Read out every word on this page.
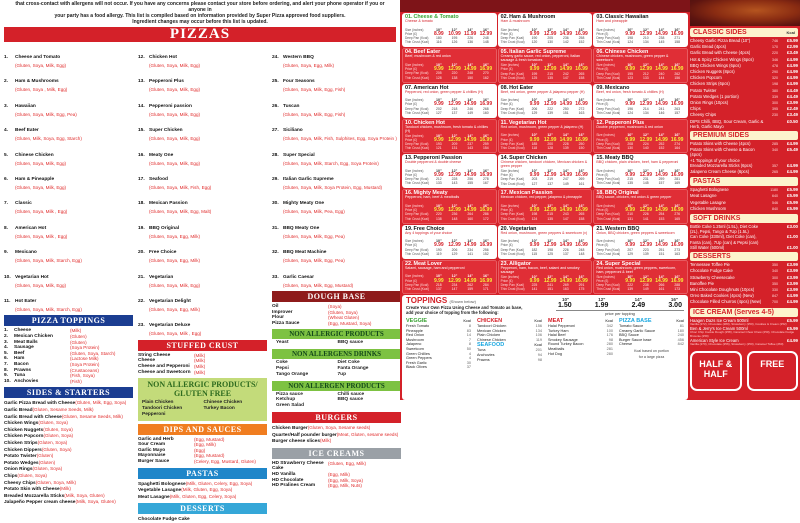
that cross-contact with allergens will not occur. If you have any concerns please contact your store before ordering, and alert your phone operator if you or anyone in
your party has a food allergy. This list is compiled based on information provided by Super Pizza approved food suppliers.
Ingredient changes may occur before this list is updated.
PIZZAS
1. Cheese and Tomato
(Gluten, Soya, Milk, Egg)
2. Ham & Mushrooms
(Gluten, Soya , Milk, Egg)
3. Hawaiian
(Gluten, Soya, Milk, Egg, Pea)
4. Beef Eater
(Gluten, Milk, Soya, Egg, Starch)
5. Chinese Chicken
(Gluten, Soya, Milk, Egg)
6. Ham & Pineapple
(Gluten, Soya, Milk, Egg)
7. Classic
(Gluten, Soya, Milk , Egg)
8. American Hot
(Gluten, Soya, Milk , Egg)
9. Mexicano
(Gluten, Soya, Milk, Starch, Egg)
10. Vegetarian Hot
(Gluten, Soya, Milk, Egg)
11. Hot Eater
(Gluten, Soya, Milk, Starch, Egg)
PIZZA TOPPINGS
1.	Cheese	(Milk)
2.	Mexican Chicken	(Gluten)
3.	Meat Balls	(Gluten)
4.	Sausage	(Soya Protein)
5.	Beef	(Gluten, Soya, Starch)
6.	Ham	(Lactose Milk)
7.	Bacon	(Soya Protein)
8.	Prawns	(Crustaceans)
9.	Tuna	(Fish, Soya)
10. Anchovies	(Fish)
SIDES & STARTERS
Garlic Pizza Bread with Cheese(Gluten, Milk, Egg, Soya)
Garlic Bread(Gluten, Sesame Seeds, Milk)
Garlic Bread with Cheese(Gluten, Sesame Seeds, Milk)
Chicken Wings(Gluten, Soya)
Chicken Nuggets(Gluten, Soya)
Chicken Popcorn(Gluten, Soya)
Chicken Strips(Gluten, Soya)
Chicken Dippers(Gluten, Soya)
Potato Twister(Gluten)
Potato Wedges(Gluten)
Onion Rings(Gluten, Soya)
Chips(Gluten, Soya)
Cheesy Chips(Gluten, Soya, Milk)
Potato Skin with Cheese(Milk)
Breaded Mozzarella Sticks(Milk, Soya, Gluten)
Jalapeño Pepper cream cheese(Milk, Soya, Gluten)
12. Chicken Hot
(Gluten, Soya, Milk, Egg)
13. Pepperoni Plus
(Gluten, Soya, Milk, Egg)
14. Pepperoni passion
(Gluten, Soya, Milk, Egg)
15. Super Chicken
(Gluten, Soya, Milk, Egg)
16. Meaty One
(Gluten, Soya, Milk, Egg)
17. Seafood
(Gluten, Soya, Milk, Fish, Egg)
18. Mexican Passion
(Gluten, Soya, Milk, Egg, Malt)
19. BBQ Original
(Gluten, Soya, Egg, Milk)
20. Free Choice
(Gluten, Soya, Egg, Milk)
21. Vegetarian
(Gluten, Soya, Milk, Egg)
22. Vegetarian Delight
(Gluten, Soya, Egg, Milk)
23. Vegetarian Deluxe
(Gluten, Soya, Milk , Egg)
STUFFED CRUST
String Cheese	(Milk)
Cheese	(Milk)
Cheese and Pepperoni (Milk)
Cheese and Sweetcorn (Milk)
NON ALLERGIC PRODUCTS/ GLUTEN FREE
Plain Chicken	Chinese Chicken
Tandoori Chicken	Turkey Bacon
Pepperoni
DIPS AND SAUCES
Garlic and Herb	(Egg, Mustard)
Sour Cream	(Egg, Milk)
Garlic Mayo	(Egg)
Mayonnaise	(Egg, Mustard)
Burger Sauce	(Celery, Egg, Mustard, Gluten)
PASTAS
Spaghetti Bolognese(Milk, Gluten, Celery, Egg, Soya)
Vegetable Lasagne(Milk, Gluten, Egg, Soya)
Meat Lasagne(Milk, Gluten, Egg, Celery, Soya)
DESSERTS
Chocolate Fudge Cake
24. Western BBQ
(Gluten, Soya, Egg, Milk)
25. Four Seasons
(Gluten, Soya, Milk, Egg, Fish)
26. Tuscan
(Gluten, Soya, Milk, Egg, Fish)
27. Siciliano
(Gluten, Soya, Milk, Fish, Sulphites, Egg, Soya Protein )
28. Super Special
(Gluten, Soya, Milk, Starch, Egg, Soya Protein)
29. Italian Garlic Supreme
(Gluten, Soya, Milk, Soya Protein, Egg, Mustard)
30. Mighty Meaty One
(Gluten, Soya, Milk, Pea, Egg)
31. BBQ Meaty One
(Gluten, Soya, Milk, Egg, Pea)
32. BBQ Meat Machine
(Gluten, Soya, Milk, Egg, Pea)
33. Garlic Caesar
(Gluten, Soya, Milk, Egg, Mustard)
DOUGH BASE
Oil	(Soya)
Improver	(Gluten, Soya)
Flour	(Wheat Gluten)
Pizza Sauce	(Egg, Mustard, Soya)
NON ALLERGIC PRODUCTS
Yeast	BBQ sauce
NON ALLERGENS DRINKS
Coke	Diet Coke
Pepsi	Fanta Orange
Tango Orange	7up
NON ALLERGEN PRODUCTS
Pizza sauce	Chilli sauce
Ketchup	BBQ sauce
Green Salad
BURGERS
Chicken Burger(Gluten, Soya, Sesame seeds)
Quarter/Half pounder burger(Meat, Gluten, sesame seeds)
Burger cheese slices(Milk)
ICE CREAMS
HD Strawberry Cheese Cake
(Gluten, Egg, Milk)
HD Vanilla	(Egg, Milk)
HD Chocolate	(Egg, Milk, Soya)
HD Pralines Cream	(Egg, Milk, Nuts)
01.Cheese & Tomato
Cheese & tomato
Size (inches)	10"	12"	14"	16"
Price (£)	8.99 10.99 11.99 12.99
Deep Pan (Kcal)	180	195	226	248
Thin Crust (Kcal)	116	126	136	148
02.Ham & Mushroom
Ham & mushroom
Size (inches)	10"	12"	14"	16"
Price (£)	9.99 12.99 14.99 16.99
Deep Pan (Kcal)	190	205	236	258
Thin Crust (Kcal)	120	130	142	152
03.Classic Hawaiian
Ham and pineapple
Size (inches)	10"	12"	14"	16"
Price (£)	9.99 12.99 14.99 16.99
Deep Pan (Kcal)	198	210	238	271
Thin Crust (Kcal)	124	134	145	158
04.Beef Eater
Beef, mushroom & red onion
Size (inches)	10"	12"	14"	16"
Price (£)	9.99 12.99 14.99 16.99
Deep Pan (Kcal)	205	220	248	270
Thin Crust (Kcal)	128	138	150	162
05.Italian Garlic Supreme
Creamy garlic sauce, red onion, pepperoni, Italian sausage & fresh tomatoes
Size (inches)	10"	12"	14"	16"
Price (£)	9.99 12.99 14.99 16.99
Deep Pan (Kcal)	199	215	242	265
Thin Crust (Kcal)	125	135	147	158
06.Chinese Chicken
Chinese chicken, mushroom, green pepper & sweetcorn
Size (inches)	10"	12"	14"	16"
Price (£)	9.99 12.99 14.99 16.99
Deep Pan (Kcal)	195	212	240	262
Thin Crust (Kcal)	123	133	144	156
07.American Hot
Pepperoni, red onion, green pepper & chillies (H)
Size (inches)	10"	12"	14"	16"
Price (£)	9.99 12.99 14.99 16.99
Deep Pan (Kcal)	202	218	246	268
Thin Crust (Kcal)	127	137	149	160
08.Hot Eater
Beef, red onion, green pepper & jalapeno pepper (H)
Size (inches)	10"	12"	14"	16"
Price (£)	9.99 12.99 14.99 16.99
Deep Pan (Kcal)	206	222	250	272
Thin Crust (Kcal)	129	139	151	163
09.Mexicano
Beef, red onion, fresh tomato & chillies (H)
Size (inches)	10"	12"	14"	16"
Price (£)	9.99 12.99 14.99 16.99
Deep Pan (Kcal)	196	214	241	263
Thin Crust (Kcal)	124	134	146	157
10.Chicken Hot
Tandoori chicken, mushroom, fresh tomato & chillies (H)
Size (inches)	10"	12"	14"	16"
Price (£)	9.99 12.99 14.99 16.99
Deep Pan (Kcal)	193	209	237	259
Thin Crust (Kcal)	121	131	143	154
11.Vegetarian Hot
Red onion, mushroom, green pepper & jalapeno (H)
Size (inches)	10"	12"	14"	16"
Price (£)	9.99 12.99 14.99 16.99
Deep Pan (Kcal)	185	200	228	250
Thin Crust (Kcal)	118	128	139	150
12.Pepperoni Plus
Double pepperoni, mushroom & red onion
Size (inches)	10"	12"	14"	16"
Price (£)	9.99 12.99 14.99 16.99
Deep Pan (Kcal)	208	224	252	274
Thin Crust (Kcal)	130	140	152	164
13.Pepperoni Passion
Double pepperoni & double cheese
Size (inches)	10"	12"	14"	16"
Price (£)	9.99 12.99 14.99 16.99
Deep Pan (Kcal)	212	228	256	278
Thin Crust (Kcal)	133	143	155	167
14.Super Chicken
Chinese chicken, tandoori chicken, Mexican chicken & green pepper
Size (inches)	10"	12"	14"	16"
Price (£)	9.99 12.99 14.99 16.99
Deep Pan (Kcal)	203	219	247	269
Thin Crust (Kcal)	127	137	149	161
15.Meaty BBQ
BBQ chicken, plain chicken, beef, ham & pepperoni
Size (inches)	10"	12"	14"	16"
Price (£)	9.99 12.99 14.99 16.99
Deep Pan (Kcal)	215	231	259	281
Thin Crust (Kcal)	135	145	157	169
16.Mighty Meaty
Pepperoni, ham, beef & meatballs
Size (inches)	10"	12"	14"	16"
Price (£)	9.99 12.99 14.99 16.99
Deep Pan (Kcal)	220	236	264	286
Thin Crust (Kcal)	138	148	160	172
17.Mexican Passion
Mexican chicken, red pepper, jalapeno & pineapple
Size (inches)	10"	12"	14"	16"
Price (£)	9.99 12.99 14.99 16.99
Deep Pan (Kcal)	198	215	243	265
Thin Crust (Kcal)	124	135	147	158
18.BBQ Original
BBQ sauce, chicken, red onion & green pepper
Size (inches)	10"	12"	14"	16"
Price (£)	9.99 12.99 14.99 16.99
Deep Pan (Kcal)	210	226	254	276
Thin Crust (Kcal)	131	141	153	165
19.Free Choice
Any 4 toppings of your choice
Size (inches)	10"	12"	14"	16"
Price (£)	9.99 12.99 14.99 16.99
Deep Pan (Kcal)	190	206	234	256
Thin Crust (Kcal)	119	129	141	152
20.Vegetarian
Red onion, mushroom, green peppers & sweetcorn (v)
Size (inches)	10"	12"	14"	16"
Price (£)	9.99 12.99 14.99 16.99
Deep Pan (Kcal)	182	198	226	248
Thin Crust (Kcal)	115	125	137	148
21.Western BBQ
Onion, BBQ chicken, green peppers & sweetcorn
Size (inches)	10"	12"	14"	16"
Price (£)	9.99 12.99 14.99 16.99
Deep Pan (Kcal)	207	223	251	273
Thin Crust (Kcal)	129	139	151	163
22.Meat Lover
Salami, sausage, ham and pepperoni
Size (inches)	10"	12"	14"	16"
Price (£)	9.99 12.99 14.99 16.99
Deep Pan (Kcal)	218	234	262	284
Thin Crust (Kcal)	137	147	159	171
23.Alligator
Pepperoni, ham, bacon, beef, salami and smokey sausage
Size (inches)	10"	12"	14"	16"
Price (£)	9.99 12.99 14.99 16.99
Deep Pan (Kcal)	225	241	269	291
Thin Crust (Kcal)	141	151	163	175
24.Super Special
Red onion, mushroom, green peppers, sweetcorn, ham, pepperoni & beef
Size (inches)	10"	12"	14"	16"
Price (£)	9.99 12.99 14.99 16.99
Deep Pan (Kcal)	222	238	266	288
Thin Crust (Kcal)	139	149	161	173
TOPPINGS (Shown below)
Create Your Own Pizza Using Cheese and Tomato as base,
add your choice of topping from the following:
10"	12"	14"	16"
1.50	1.99	2.49	3.00
price per topping
VEGGIE	Kcal
Fresh Tomato	8
Pineapple	83
Red Onion	14
Mushroom	7
Jalapeno	8
Sweetcorn	50
Green Chillies	4
Green Peppers	4
Fresh Garlic	30
Black Olives	37
CHICKEN	Kcal
Tandoori Chicken	156
Mexican Chicken	134
Plain Chicken	106
Chinese Chicken	119
SEAFOOD	Kcal
Tuna	201
Anchovies	94
Prawns	98
MEAT	Kcal
Halal Pepperoni	342
Turkey Ham	100
Halal Beef	176
Smokey Sausage	98
Round Turkey Bacon	280
Meatballs	281
Hot Dog	280
PIZZA BASE	Kcal
Tomato Sauce	81
Creamy Garlic Sauce	180
BBQ Sauce	240
Burger Sauce base	456
Cheese	842
Kcal based on portion
for a large pizza
CLASSIC SIDES	Kcal
Cheesy Garlic Pizza Bread (10")	746	£5.99
Garlic Bread (4pcs)	170	£2.99
Garlic Bread with Cheese (4pcs)	220	£3.49
Hot & Spicy Chicken Wings (6pcs)	346	£4.99
BBQ Chicken Wings (6pcs)	478	£4.99
Chicken Nuggets (8pcs)	290	£4.99
Chicken Popcorn	320	£4.99
Chicken Strips (6pcs)	198	£4.99
Potato Twister	380	£4.49
Potato Wedges (1 portion)	339	£4.49
Onion Rings (10pcs)	300	£3.99
Chips	395	£2.49
Cheesy Chips	230	£3.49
DIPS Chilli, BBQ, Sour Cream, Garlic & Herb, Garlic Mayo
£0.50
PREMIUM SIDES
Potato Skins with Cheese (4pcs)	285	£4.99
Potato Skins with Cheese & Bacon (4pcs)
340	£5.49
+1 Toppings of your choice
Breaded Mozzarella Sticks (6pcs)	357	£4.99
Jalapeno Cream Cheese (6pcs)	265	£4.99
PASTAS
Spaghetti Bolognese	1180	£5.99
Meat Lasagne	640	£5.99
Vegetable Lasagne	546	£5.99
Chicken Mushroom	840	£5.99
SOFT DRINKS
Bottle Coke 1.25ml (1.5L), Diet Coke (2L), Pepsi, Tango & 7Up (1.5L)
£3.00
Can Coke (330ml), Diet Coke (can), Fanta (can), 7Up (can) & Pepsi (can)
£1.00
Still Water (500ml)	£1.00
DESSERTS
Tennessee Toffee Pie	350	£3.99
Chocolate Fudge Cake	340	£3.99
Strawberry Cheesecake	300	£3.99
Banoffee Pie	350	£3.99
Mini Chocolate Doughnuts (10pcs)	330	£3.99
Oreo Baked Cookies (4pcs) (New)	847	£4.99
Chocolate Filled Churros (4pcs) (New)	700	£4.99
ICE CREAM (Serves 4-5)
Haagen Dazs Ice Cream 500ml	£5.99
Vanilla (272), Chocolate (280), Strawberry (250), Cookies & Cream (252)
Ben & Jerry's Ice Cream 500ml	£5.99
Choc Chip Cookie Dough (258), Caramel Chew Chew (250), Chocolate Fudge Brownie (259)
American Style Ice Cream	£4.99
Vanilla (270), Chocolate (256), Strawberry (250), Caramel Toffee (260)
HALF &
HALF
FREE
